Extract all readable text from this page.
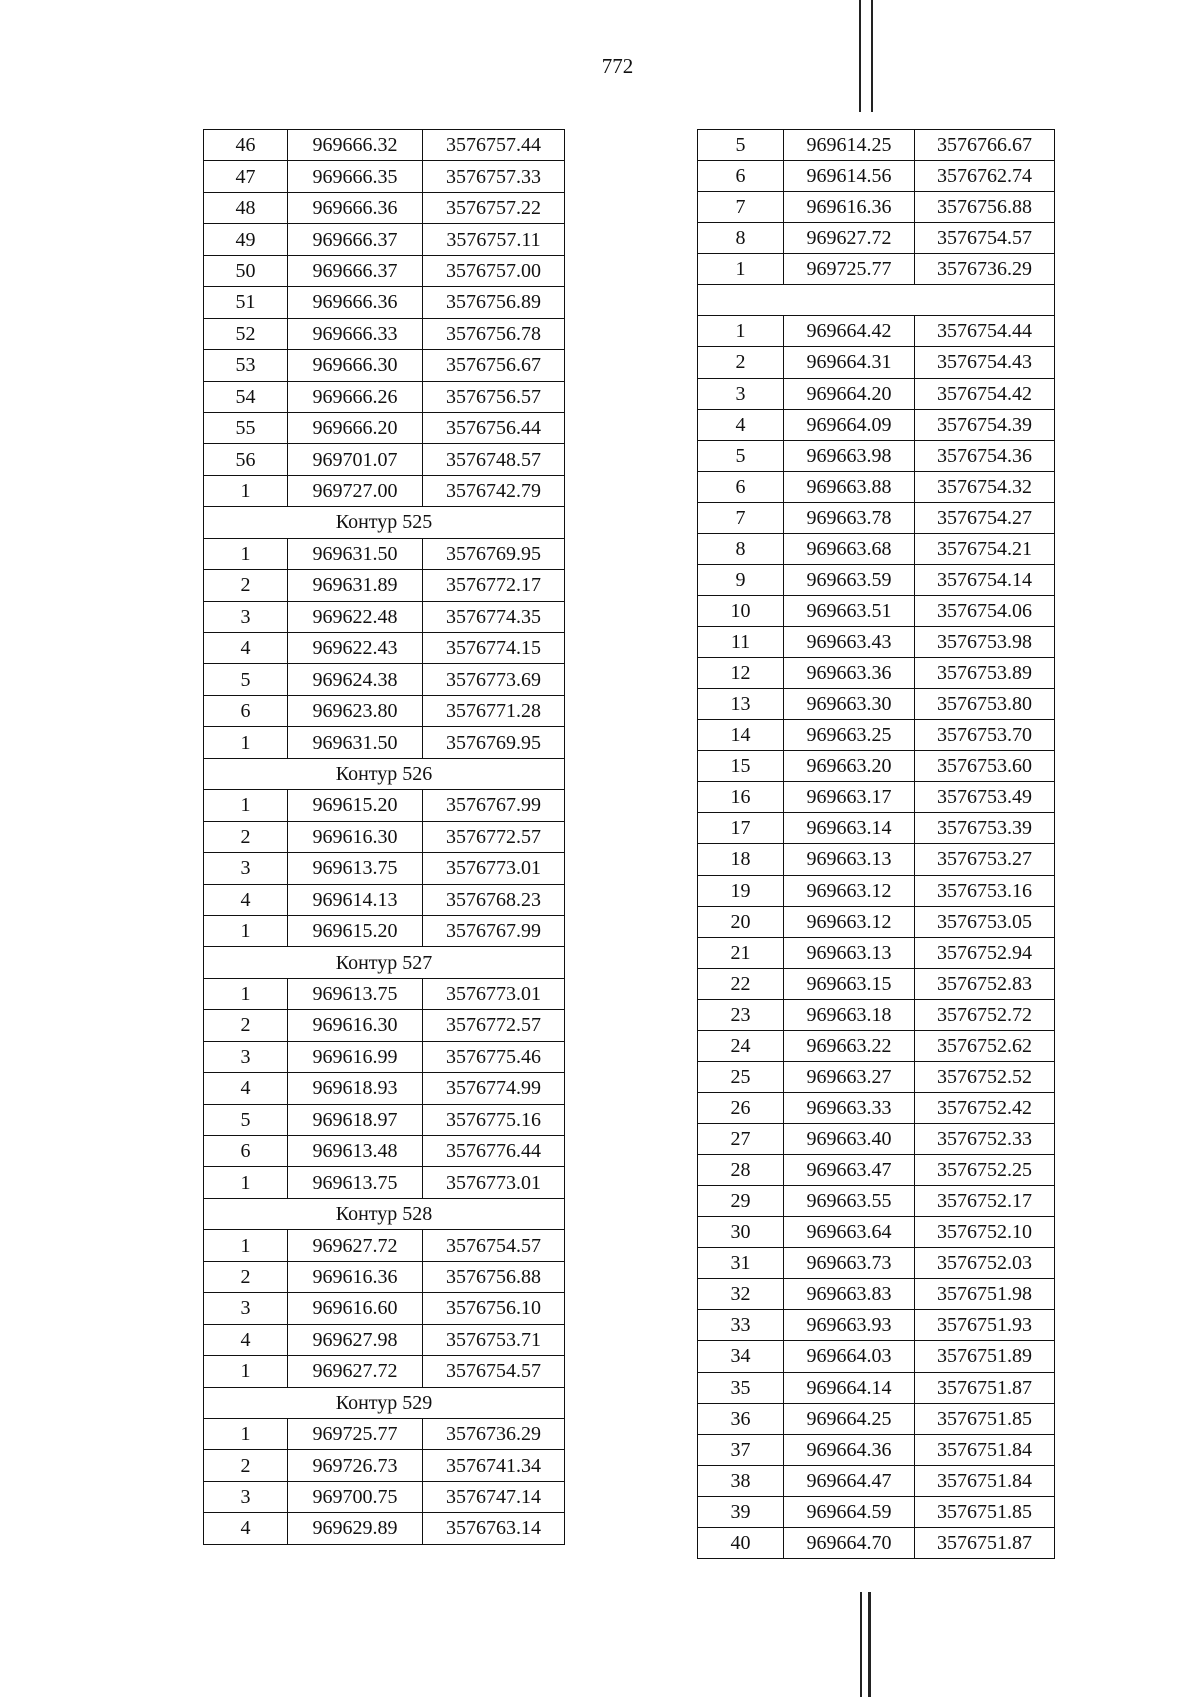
772
46	969666.32	3576757.44
47	969666.35	3576757.33
48	969666.36	3576757.22
49	969666.37	3576757.11
50	969666.37	3576757.00
51	969666.36	3576756.89
52	969666.33	3576756.78
53	969666.30	3576756.67
54	969666.26	3576756.57
55	969666.20	3576756.44
56	969701.07	3576748.57
1	969727.00	3576742.79
Контур 525		
1	969631.50	3576769.95
2	969631.89	3576772.17
3	969622.48	3576774.35
4	969622.43	3576774.15
5	969624.38	3576773.69
6	969623.80	3576771.28
1	969631.50	3576769.95
Контур 526		
1	969615.20	3576767.99
2	969616.30	3576772.57
3	969613.75	3576773.01
4	969614.13	3576768.23
1	969615.20	3576767.99
Контур 527		
1	969613.75	3576773.01
2	969616.30	3576772.57
3	969616.99	3576775.46
4	969618.93	3576774.99
5	969618.97	3576775.16
6	969613.48	3576776.44
1	969613.75	3576773.01
Контур 528		
1	969627.72	3576754.57
2	969616.36	3576756.88
3	969616.60	3576756.10
4	969627.98	3576753.71
1	969627.72	3576754.57
Контур 529		
1	969725.77	3576736.29
2	969726.73	3576741.34
3	969700.75	3576747.14
4	969629.89	3576763.14
5	969614.25	3576766.67
6	969614.56	3576762.74
7	969616.36	3576756.88
8	969627.72	3576754.57
1	969725.77	3576736.29

1	969664.42	3576754.44
2	969664.31	3576754.43
3	969664.20	3576754.42
4	969664.09	3576754.39
5	969663.98	3576754.36
6	969663.88	3576754.32
7	969663.78	3576754.27
8	969663.68	3576754.21
9	969663.59	3576754.14
10	969663.51	3576754.06
11	969663.43	3576753.98
12	969663.36	3576753.89
13	969663.30	3576753.80
14	969663.25	3576753.70
15	969663.20	3576753.60
16	969663.17	3576753.49
17	969663.14	3576753.39
18	969663.13	3576753.27
19	969663.12	3576753.16
20	969663.12	3576753.05
21	969663.13	3576752.94
22	969663.15	3576752.83
23	969663.18	3576752.72
24	969663.22	3576752.62
25	969663.27	3576752.52
26	969663.33	3576752.42
27	969663.40	3576752.33
28	969663.47	3576752.25
29	969663.55	3576752.17
30	969663.64	3576752.10
31	969663.73	3576752.03
32	969663.83	3576751.98
33	969663.93	3576751.93
34	969664.03	3576751.89
35	969664.14	3576751.87
36	969664.25	3576751.85
37	969664.36	3576751.84
38	969664.47	3576751.84
39	969664.59	3576751.85
40	969664.70	3576751.87
